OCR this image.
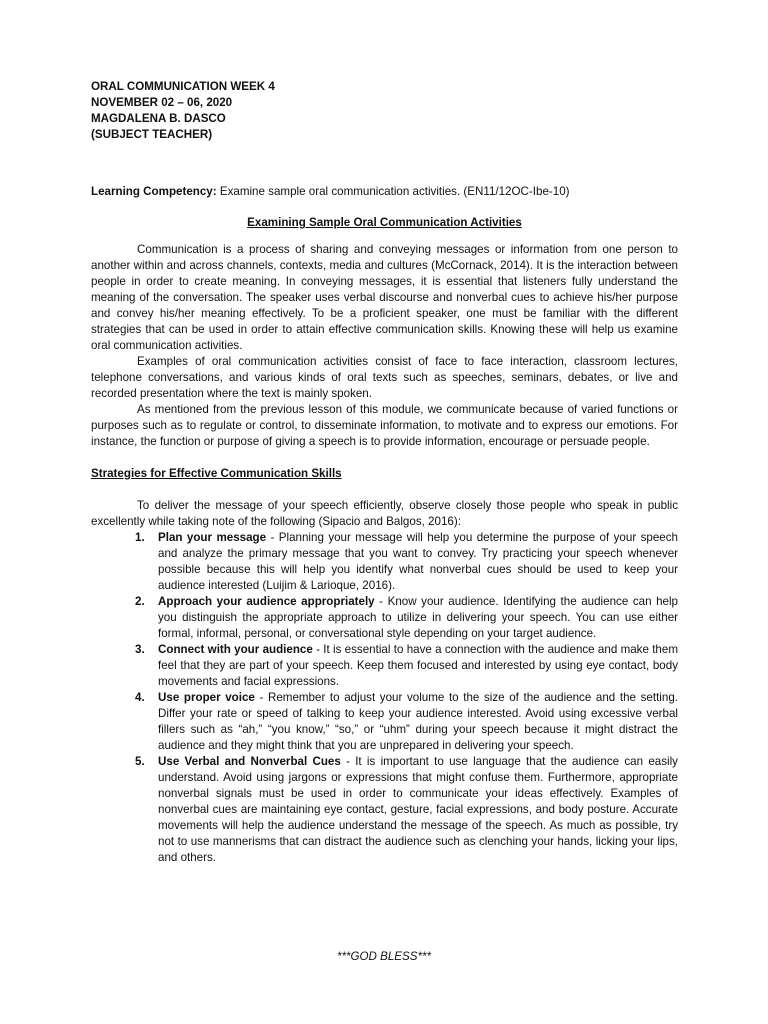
ORAL COMMUNICATION WEEK 4
NOVEMBER 02 – 06, 2020
MAGDALENA B. DASCO
(SUBJECT TEACHER)
Learning Competency: Examine sample oral communication activities. (EN11/12OC-Ibe-10)
Examining Sample Oral Communication Activities

Communication is a process of sharing and conveying messages or information from one person to another within and across channels, contexts, media and cultures (McCornack, 2014). It is the interaction between people in order to create meaning. In conveying messages, it is essential that listeners fully understand the meaning of the conversation. The speaker uses verbal discourse and nonverbal cues to achieve his/her purpose and convey his/her meaning effectively. To be a proficient speaker, one must be familiar with the different strategies that can be used in order to attain effective communication skills. Knowing these will help us examine oral communication activities.

Examples of oral communication activities consist of face to face interaction, classroom lectures, telephone conversations, and various kinds of oral texts such as speeches, seminars, debates, or live and recorded presentation where the text is mainly spoken.

As mentioned from the previous lesson of this module, we communicate because of varied functions or purposes such as to regulate or control, to disseminate information, to motivate and to express our emotions. For instance, the function or purpose of giving a speech is to provide information, encourage or persuade people.

Strategies for Effective Communication Skills

To deliver the message of your speech efficiently, observe closely those people who speak in public excellently while taking note of the following (Sipacio and Balgos, 2016):

1. Plan your message - Planning your message will help you determine the purpose of your speech and analyze the primary message that you want to convey. Try practicing your speech whenever possible because this will help you identify what nonverbal cues should be used to keep your audience interested (Luijim & Larioque, 2016).
2. Approach your audience appropriately - Know your audience. Identifying the audience can help you distinguish the appropriate approach to utilize in delivering your speech. You can use either formal, informal, personal, or conversational style depending on your target audience.
3. Connect with your audience - It is essential to have a connection with the audience and make them feel that they are part of your speech. Keep them focused and interested by using eye contact, body movements and facial expressions.
4. Use proper voice - Remember to adjust your volume to the size of the audience and the setting. Differ your rate or speed of talking to keep your audience interested. Avoid using excessive verbal fillers such as “ah,” “you know,” “so,” or “uhm” during your speech because it might distract the audience and they might think that you are unprepared in delivering your speech.
5. Use Verbal and Nonverbal Cues - It is important to use language that the audience can easily understand. Avoid using jargons or expressions that might confuse them. Furthermore, appropriate nonverbal signals must be used in order to communicate your ideas effectively. Examples of nonverbal cues are maintaining eye contact, gesture, facial expressions, and body posture. Accurate movements will help the audience understand the message of the speech. As much as possible, try not to use mannerisms that can distract the audience such as clenching your hands, licking your lips, and others.
***GOD BLESS***
